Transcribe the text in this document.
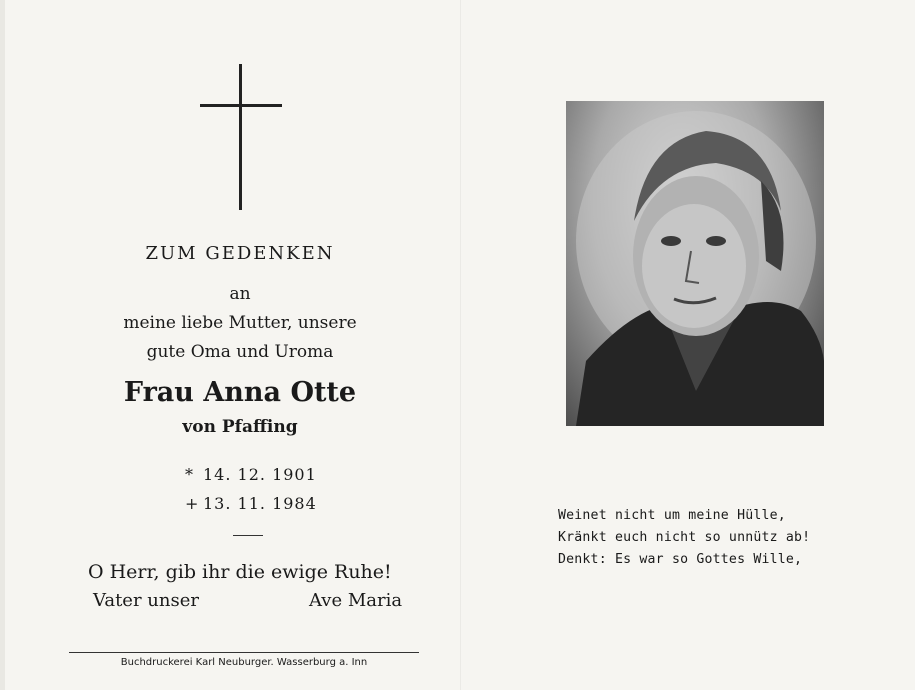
ZUM GEDENKEN
an
meine liebe Mutter, unsere
gute Oma und Uroma
Frau Anna Otte
von Pfaffing
* 14. 12. 1901
+ 13. 11. 1984
O Herr, gib ihr die ewige Ruhe!
Vater unser	Ave Maria
Buchdruckerei Karl Neuburger. Wasserburg a. Inn
Weinet nicht um meine Hülle,
Kränkt euch nicht so unnütz ab!
Denkt: Es war so Gottes Wille,
